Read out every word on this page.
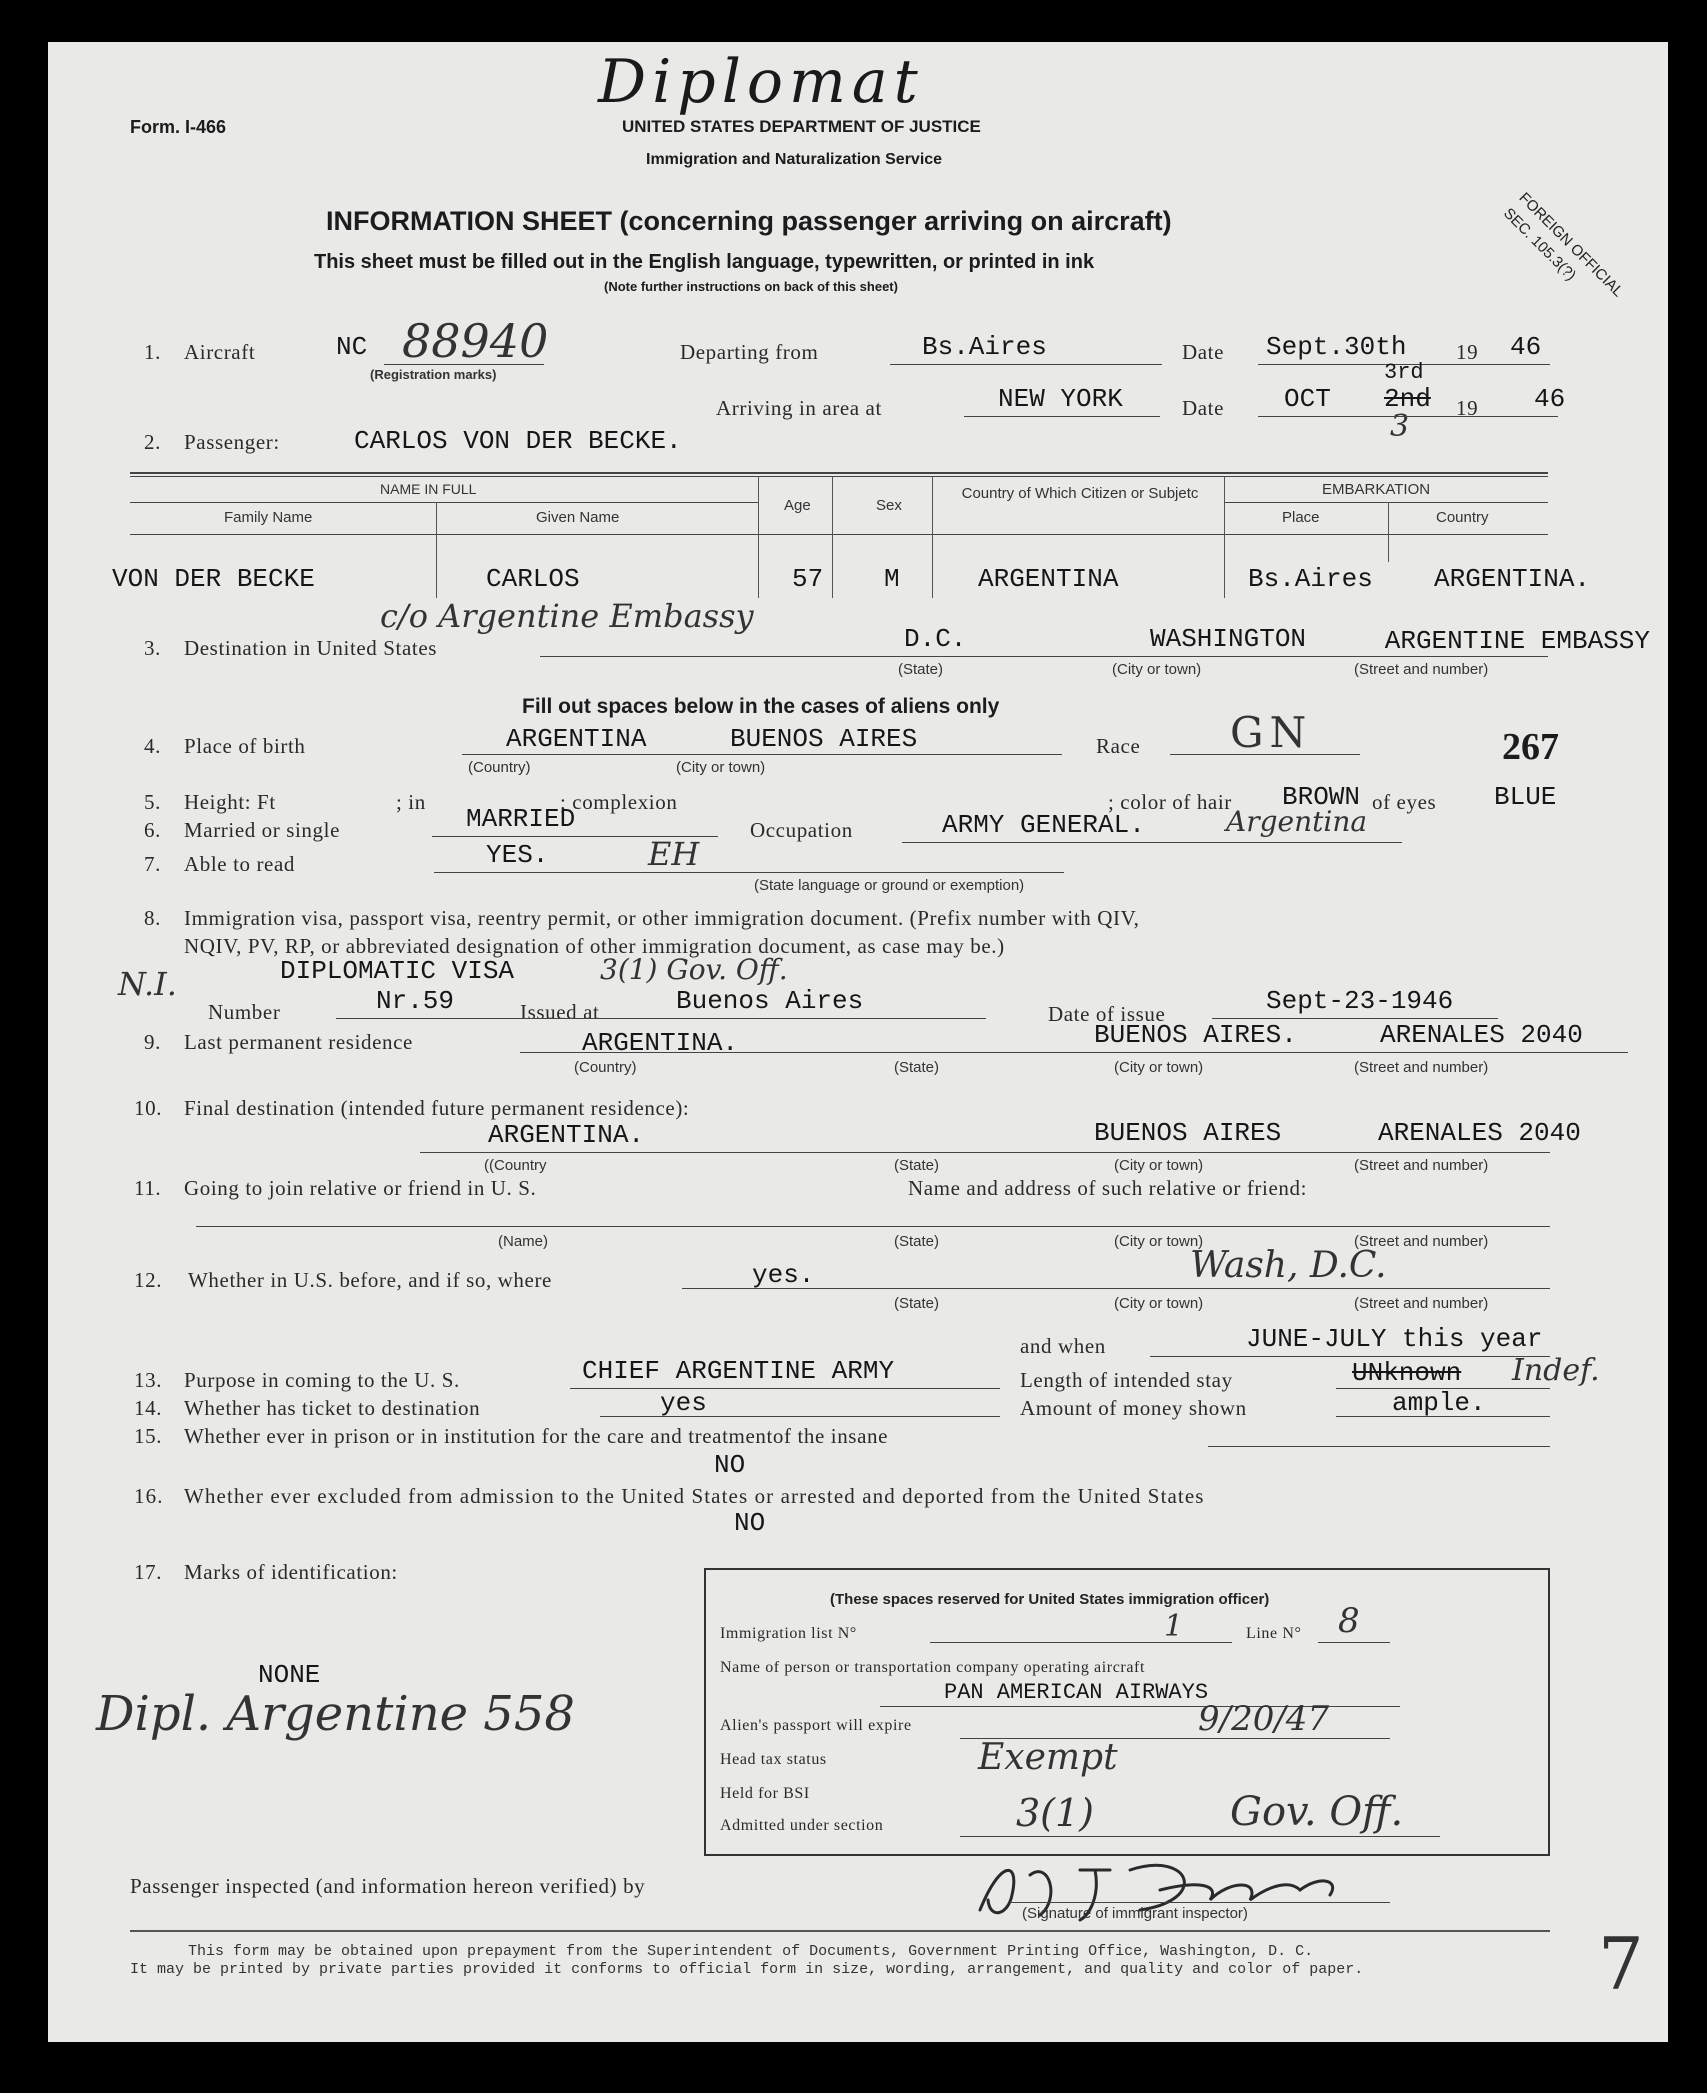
Diplomat
Form. I-466	UNITED STATES DEPARTMENT OF JUSTICE
Immigration and Naturalization Service
INFORMATION SHEET (concerning passenger arriving on aircraft)
This sheet must be filled out in the English language, typewritten, or printed in ink
(Note further instructions on back of this sheet)	FOREIGN OFFICIAL SEC. 105.3(?)
1. Aircraft	NC 88940
(Registration marks)
Departing from	Bs.Aires	Date Sept.30th 19 46
Arriving in area at	NEW YORK	Date OCT
3rd
2nd
3
19 46
2. Passenger:	CARLOS VON DER BECKE.
NAME IN FULL
Family Name	Given Name
Age	Sex
Country of Which Citizen or Subjetc	EMBARKATION
Place	Country
VON DER BECKE	CARLOS	57 M	ARGENTINA	Bs.Aires ARGENTINA.
c/o Argentine Embassy
3. Destination in United States	D.C.	WASHINGTON	ARGENTINE EMBASSY
(State)	(City or town)	(Street and number)
Fill out spaces below in the cases of aliens only
4. Place of birth	ARGENTINA	BUENOS AIRES
(Country)	(City or town)
Race GN	267
5. Height: Ft	; in	; complexion	; color of hair BROWN of eyes BLUE
6. Married or single	MARRIED	Occupation	ARMY GENERAL.	Argentina
7. Able to read	YES.	EH
(State language or ground or exemption)
8. Immigration visa, passport visa, reentry permit, or other immigration document. (Prefix number with QIV,
NQIV, PV, RP, or abbreviated designation of other immigration document, as case may be.)
N.I.	DIPLOMATIC VISA	3(1) Gov. Off.
Number	Nr.59	Issued at	Buenos Aires	Date of issue	Sept-23-1946
9. Last permanent residence	ARGENTINA.	BUENOS AIRES.	ARENALES 2040
(Country)	(State)	(City or town)	(Street and number)
10. Final destination (intended future permanent residence):
ARGENTINA.	BUENOS AIRES	ARENALES 2040
((Country	(State)	(City or town)	(Street and number)
11. Going to join relative or friend in U. S.	Name and address of such relative or friend:
(Name)	(State)	(City or town)	(Street and number)
12. Whether in U.S. before, and if so, where	yes.	Wash, D.C.
(State)	(City or town)	(Street and number)
and when	JUNE-JULY this year
13. Purpose in coming to the U. S.	CHIEF ARGENTINE ARMY	Length of intended stay	UNknown Indef.
14. Whether has ticket to destination	yes	Amount of money shown	ample.
15. Whether ever in prison or in institution for the care and treatmentof the insane
NO
16. Whether ever excluded from admission to the United States or arrested and deported from the United States
NO
17. Marks of identification:
NONE
Dipl. Argentine 558
(These spaces reserved for United States immigration officer)
Immigration list N°	1	Line N° 8
Name of person or transportation company operating aircraft
PAN AMERICAN AIRWAYS
Alien's passport will expire	9/20/47
Head tax status	Exempt
Held for BSI
Admitted under section	3(1)	Gov. Off.
Passenger inspected (and information hereon verified) by
(Signature of immigrant inspector)
This form may be obtained upon prepayment from the Superintendent of Documents, Government Printing Office, Washington, D. C.
It may be printed by private parties provided it conforms to official form in size, wording, arrangement, and quality and color of paper.	7
